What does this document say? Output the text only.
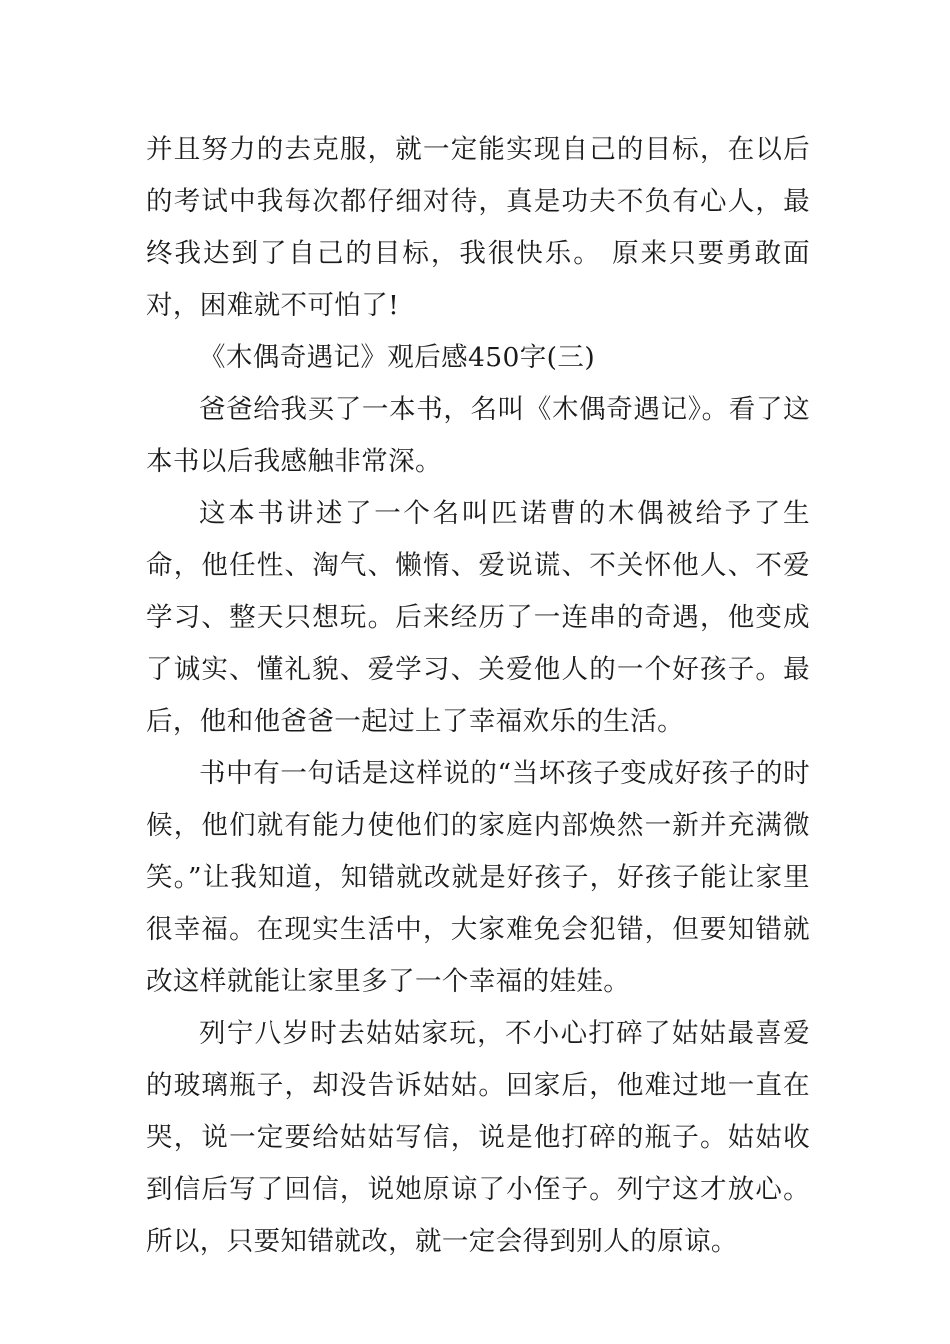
并且努力的去克服，就一定能实现自己的目标，在以后的考试中我每次都仔细对待，真是功夫不负有心人，最终我达到了自己的目标，我很快乐。 原来只要勇敢面对，困难就不可怕了!

《木偶奇遇记》观后感450字(三)

爸爸给我买了一本书，名叫《木偶奇遇记》。看了这本书以后我感触非常深。

这本书讲述了一个名叫匹诺曹的木偶被给予了生命，他任性、淘气、懒惰、爱说谎、不关怀他人、不爱学习、整天只想玩。后来经历了一连串的奇遇，他变成了诚实、懂礼貌、爱学习、关爱他人的一个好孩子。最后，他和他爸爸一起过上了幸福欢乐的生活。

书中有一句话是这样说的“当坏孩子变成好孩子的时候，他们就有能力使他们的家庭内部焕然一新并充满微笑。”让我知道，知错就改就是好孩子，好孩子能让家里很幸福。在现实生活中，大家难免会犯错，但要知错就改这样就能让家里多了一个幸福的娃娃。

列宁八岁时去姑姑家玩，不小心打碎了姑姑最喜爱的玻璃瓶子，却没告诉姑姑。回家后，他难过地一直在哭，说一定要给姑姑写信，说是他打碎的瓶子。姑姑收到信后写了回信，说她原谅了小侄子。列宁这才放心。所以，只要知错就改，就一定会得到别人的原谅。
